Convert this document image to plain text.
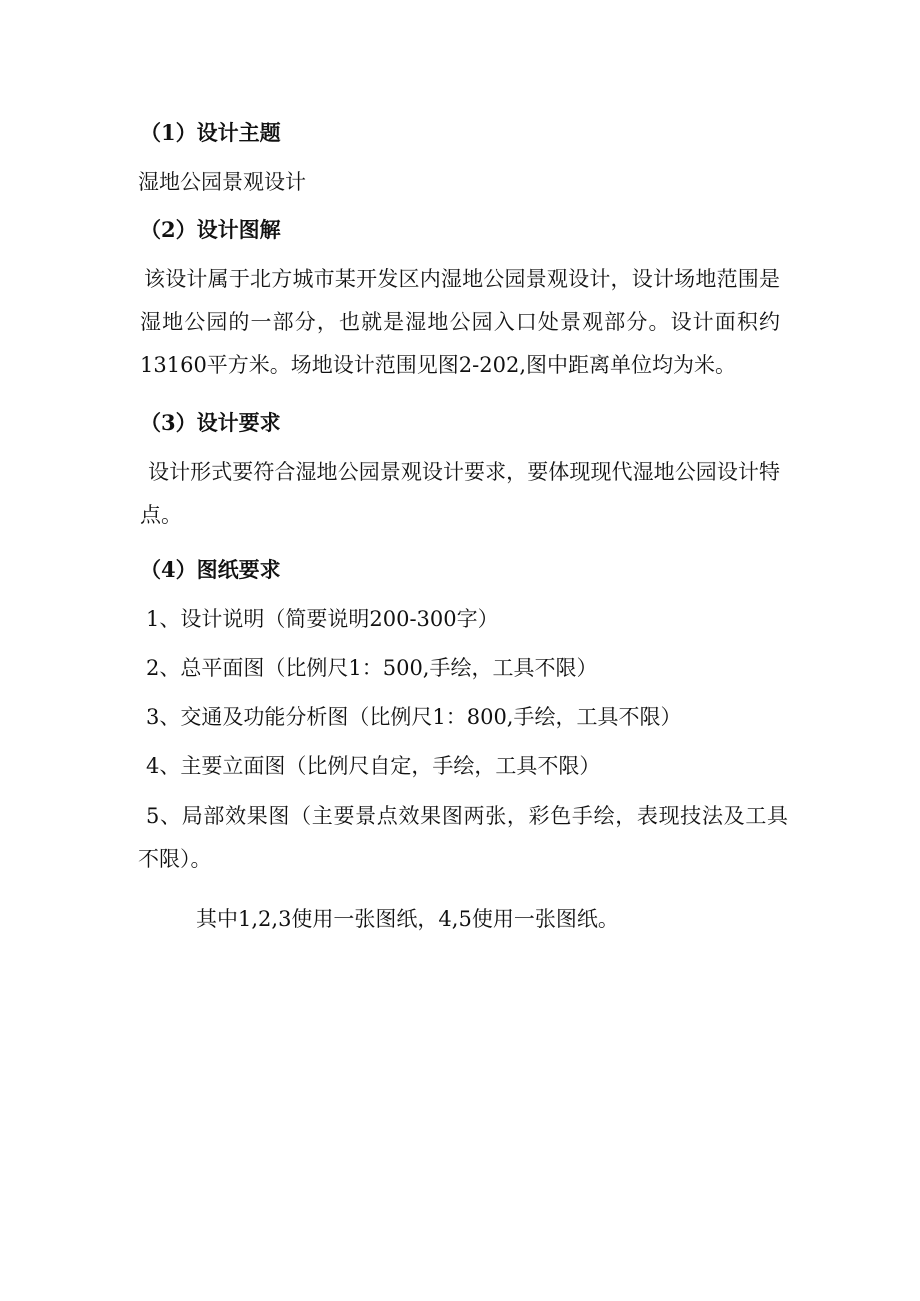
（1）设计主题
湿地公园景观设计
（2）设计图解
该设计属于北方城市某开发区内湿地公园景观设计，设计场地范围是湿地公园的一部分，也就是湿地公园入口处景观部分。设计面积约13160平方米。场地设计范围见图2-202,图中距离单位均为米。
（3）设计要求
设计形式要符合湿地公园景观设计要求，要体现现代湿地公园设计特点。
（4）图纸要求
1、设计说明（简要说明200-300字）
2、总平面图（比例尺1：500,手绘，工具不限）
3、交通及功能分析图（比例尺1：800,手绘，工具不限）
4、主要立面图（比例尺自定，手绘，工具不限）
5、局部效果图（主要景点效果图两张，彩色手绘，表现技法及工具不限）。
其中1,2,3使用一张图纸，4,5使用一张图纸。
